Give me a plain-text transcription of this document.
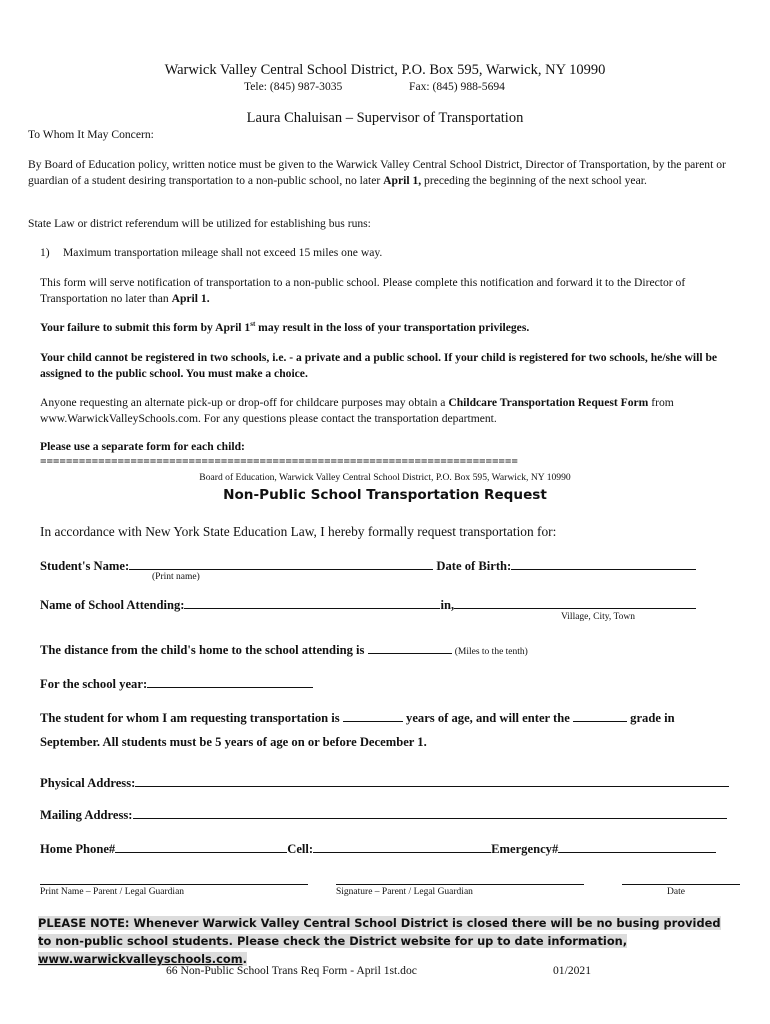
Warwick Valley Central School District, P.O. Box 595, Warwick, NY 10990
Tele: (845) 987-3035	Fax: (845) 988-5694
Laura Chaluisan – Supervisor of Transportation
To Whom It May Concern:
By Board of Education policy, written notice must be given to the Warwick Valley Central School District, Director of Transportation, by the parent or guardian of a student desiring transportation to a non-public school, no later April 1, preceding the beginning of the next school year.
State Law or district referendum will be utilized for establishing bus runs:
1) Maximum transportation mileage shall not exceed 15 miles one way.
This form will serve notification of transportation to a non-public school. Please complete this notification and forward it to the Director of Transportation no later than April 1.
Your failure to submit this form by April 1st may result in the loss of your transportation privileges.
Your child cannot be registered in two schools, i.e. - a private and a public school. If your child is registered for two schools, he/she will be assigned to the public school. You must make a choice.
Anyone requesting an alternate pick-up or drop-off for childcare purposes may obtain a Childcare Transportation Request Form from www.WarwickValleySchools.com. For any questions please contact the transportation department.
Please use a separate form for each child:
==========================================================================
Board of Education, Warwick Valley Central School District, P.O. Box 595, Warwick, NY 10990
Non-Public School Transportation Request
In accordance with New York State Education Law, I hereby formally request transportation for:
Student's Name:	Date of Birth:
(Print name)
Name of School Attending:	in,
Village, City, Town
The distance from the child's home to the school attending is	(Miles to the tenth)
For the school year:
The student for whom I am requesting transportation is	years of age, and will enter the	grade in
September. All students must be 5 years of age on or before December 1.
Physical Address:
Mailing Address:
Home Phone#	Cell:	Emergency#
Print Name – Parent / Legal Guardian	Signature – Parent / Legal Guardian	Date
PLEASE NOTE: Whenever Warwick Valley Central School District is closed there will be no busing provided to non-public school students. Please check the District website for up to date information, www.warwickvalleyschools.com.
66 Non-Public School Trans Req Form - April 1st.doc	01/2021
